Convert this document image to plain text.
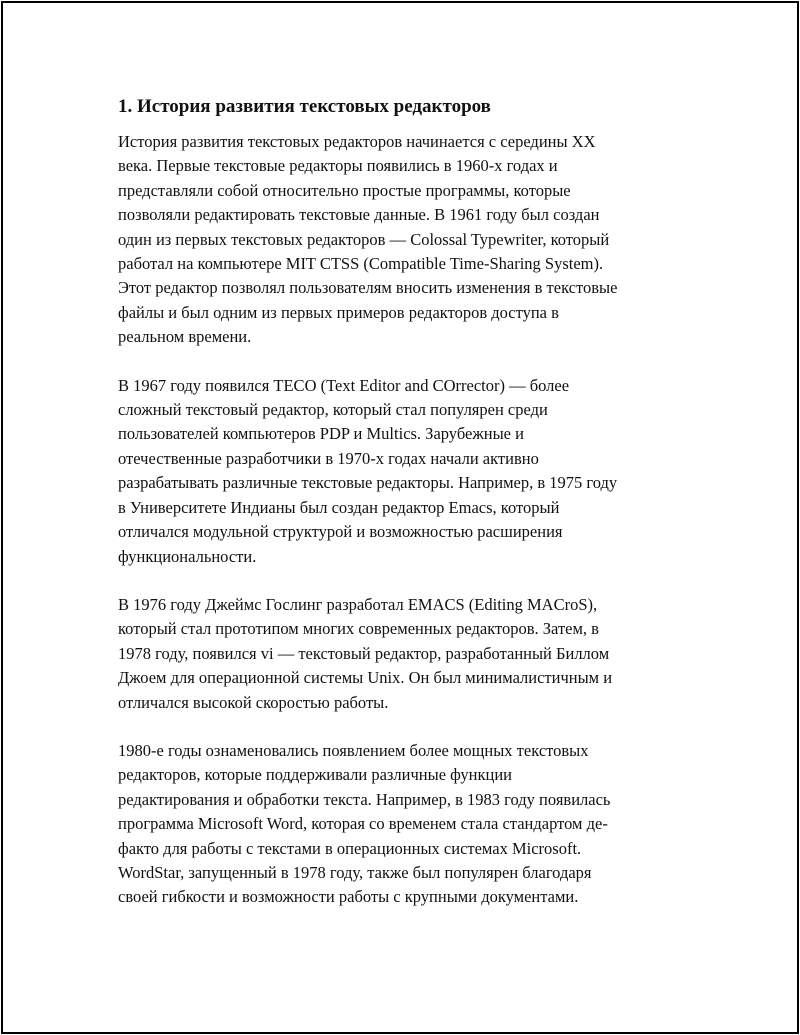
1. История развития текстовых редакторов
История развития текстовых редакторов начинается с середины XX
века. Первые текстовые редакторы появились в 1960-х годах и
представляли собой относительно простые программы, которые
позволяли редактировать текстовые данные. В 1961 году был создан
один из первых текстовых редакторов — Colossal Typewriter, который
работал на компьютере MIT CTSS (Compatible Time-Sharing System).
Этот редактор позволял пользователям вносить изменения в текстовые
файлы и был одним из первых примеров редакторов доступа в
реальном времени.
В 1967 году появился TECO (Text Editor and COrrector) — более
сложный текстовый редактор, который стал популярен среди
пользователей компьютеров PDP и Multics. Зарубежные и
отечественные разработчики в 1970-х годах начали активно
разрабатывать различные текстовые редакторы. Например, в 1975 году
в Университете Индианы был создан редактор Emacs, который
отличался модульной структурой и возможностью расширения
функциональности.
В 1976 году Джеймс Гослинг разработал EMACS (Editing MACroS),
который стал прототипом многих современных редакторов. Затем, в
1978 году, появился vi — текстовый редактор, разработанный Биллом
Джоем для операционной системы Unix. Он был минималистичным и
отличался высокой скоростью работы.
1980-е годы ознаменовались появлением более мощных текстовых
редакторов, которые поддерживали различные функции
редактирования и обработки текста. Например, в 1983 году появилась
программа Microsoft Word, которая со временем стала стандартом де-
факто для работы с текстами в операционных системах Microsoft.
WordStar, запущенный в 1978 году, также был популярен благодаря
своей гибкости и возможности работы с крупными документами.
